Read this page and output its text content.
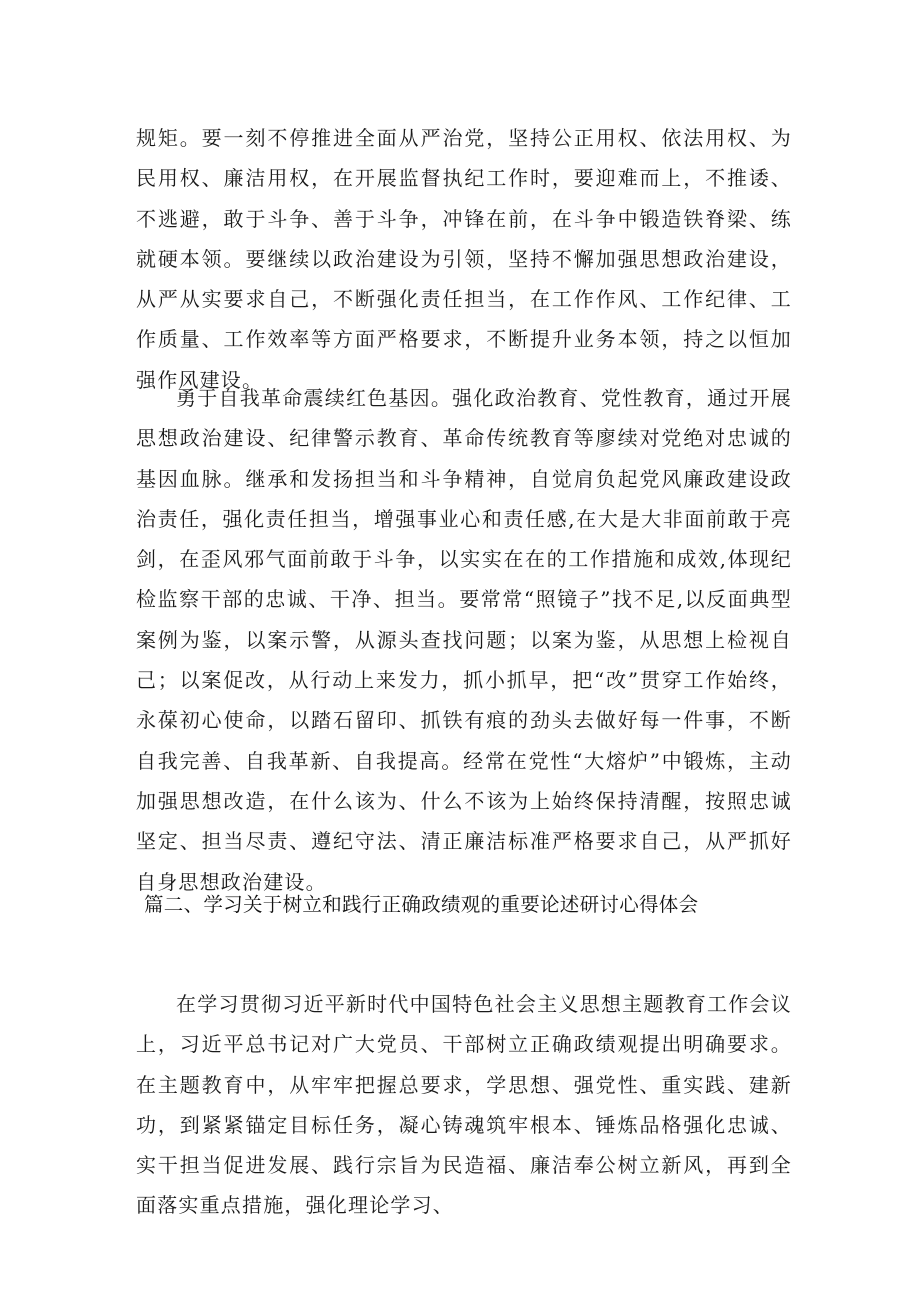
规矩。要一刻不停推进全面从严治党，坚持公正用权、依法用权、为民用权、廉洁用权，在开展监督执纪工作时，要迎难而上，不推诿、不逃避，敢于斗争、善于斗争，冲锋在前，在斗争中锻造铁脊梁、练就硬本领。要继续以政治建设为引领，坚持不懈加强思想政治建设，从严从实要求自己，不断强化责任担当，在工作作风、工作纪律、工作质量、工作效率等方面严格要求，不断提升业务本领，持之以恒加强作风建设。

勇于自我革命震续红色基因。强化政治教育、党性教育，通过开展思想政治建设、纪律警示教育、革命传统教育等廖续对党绝对忠诚的基因血脉。继承和发扬担当和斗争精神，自觉肩负起党风廉政建设政治责任，强化责任担当，增强事业心和责任感,在大是大非面前敢于亮剑，在歪风邪气面前敢于斗争，以实实在在的工作措施和成效,体现纪检监察干部的忠诚、干净、担当。要常常“照镜子”找不足,以反面典型案例为鉴，以案示警，从源头查找问题；以案为鉴，从思想上检视自己；以案促改，从行动上来发力，抓小抓早，把“改”贯穿工作始终，永葆初心使命，以踏石留印、抓铁有痕的劲头去做好每一件事，不断自我完善、自我革新、自我提高。经常在党性“大熔炉”中锻炼，主动加强思想改造，在什么该为、什么不该为上始终保持清醒，按照忠诚坚定、担当尽责、遵纪守法、清正廉洁标准严格要求自己，从严抓好自身思想政治建设。

篇二、学习关于树立和践行正确政绩观的重要论述研讨心得体会

在学习贯彻习近平新时代中国特色社会主义思想主题教育工作会议上，习近平总书记对广大党员、干部树立正确政绩观提出明确要求。在主题教育中，从牢牢把握总要求，学思想、强党性、重实践、建新功，到紧紧锚定目标任务，凝心铸魂筑牢根本、锤炼品格强化忠诚、实干担当促进发展、践行宗旨为民造福、廉洁奉公树立新风，再到全面落实重点措施，强化理论学习、
